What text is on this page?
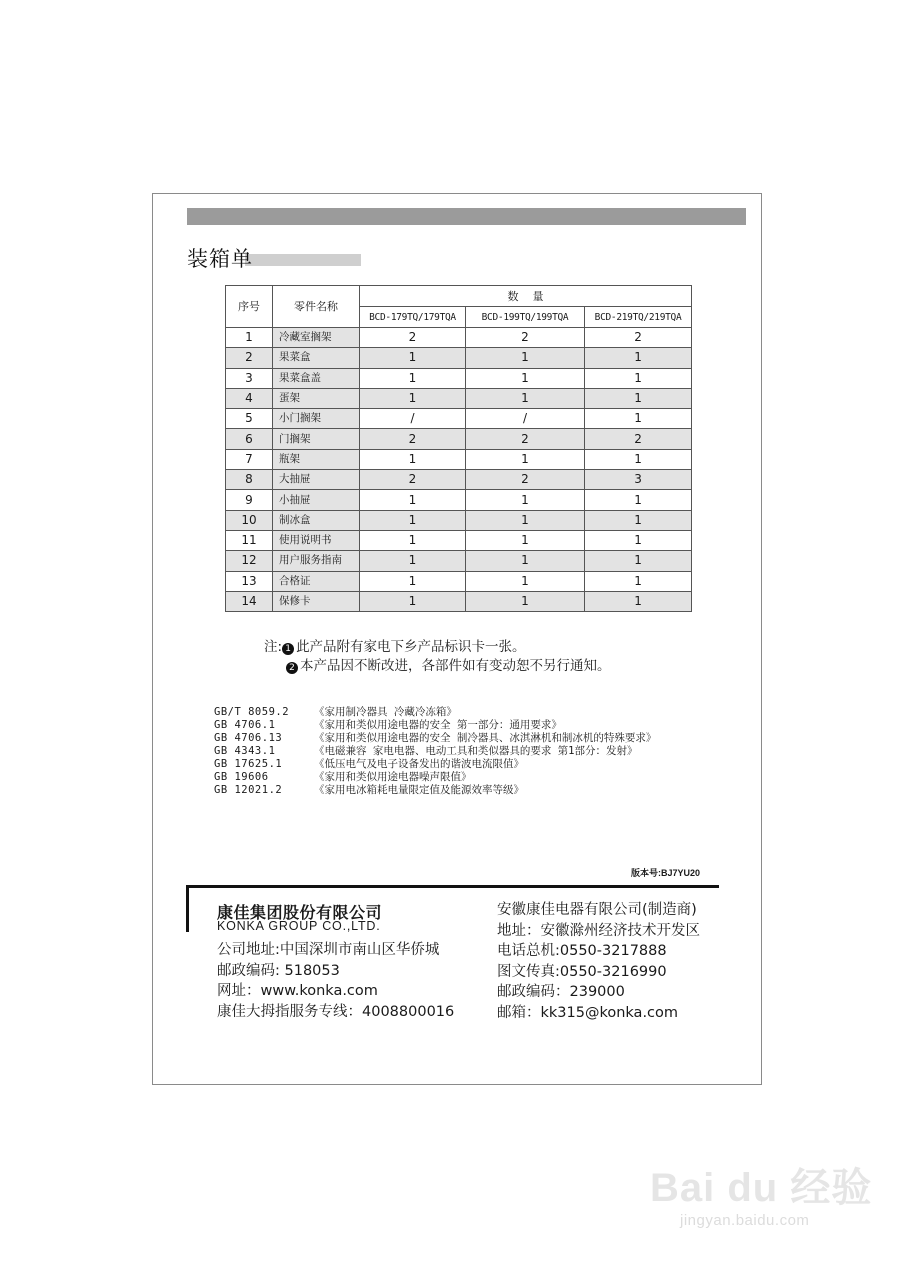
装箱单
序号	零件名称	数量		
		BCD-179TQ/179TQA	BCD-199TQ/199TQA	BCD-219TQ/219TQA
1	冷藏室搁架	2	2	2
2	果菜盒	1	1	1
3	果菜盒盖	1	1	1
4	蛋架	1	1	1
5	小门搁架	/	/	1
6	门搁架	2	2	2
7	瓶架	1	1	1
8	大抽屉	2	2	3
9	小抽屉	1	1	1
10	制冰盒	1	1	1
11	使用说明书	1	1	1
12	用户服务指南	1	1	1
13	合格证	1	1	1
14	保修卡	1	1	1
注: 1 此产品附有家电下乡产品标识卡一张。
2 本产品因不断改进，各部件如有变动恕不另行通知。
GB/T 8059.2	《家用制冷器具 冷藏冷冻箱》
GB 4706.1	《家用和类似用途电器的安全 第一部分：通用要求》
GB 4706.13	《家用和类似用途电器的安全 制冷器具、冰淇淋机和制冰机的特殊要求》
GB 4343.1	《电磁兼容 家电电器、电动工具和类似器具的要求 第1部分：发射》
GB 17625.1	《低压电气及电子设备发出的谐波电流限值》
GB 19606	《家用和类似用途电器噪声限值》
GB 12021.2	《家用电冰箱耗电量限定值及能源效率等级》
版本号:BJ7YU20
康佳集团股份有限公司
KONKA GROUP CO.,LTD.
公司地址:中国深圳市南山区华侨城
邮政编码: 518053
网址：www.konka.com
康佳大拇指服务专线：4008800016
安徽康佳电器有限公司(制造商)
地址：安徽滁州经济技术开发区
电话总机:0550-3217888
图文传真:0550-3216990
邮政编码：239000
邮箱：kk315@konka.com
Bai du 经验
jingyan.baidu.com
